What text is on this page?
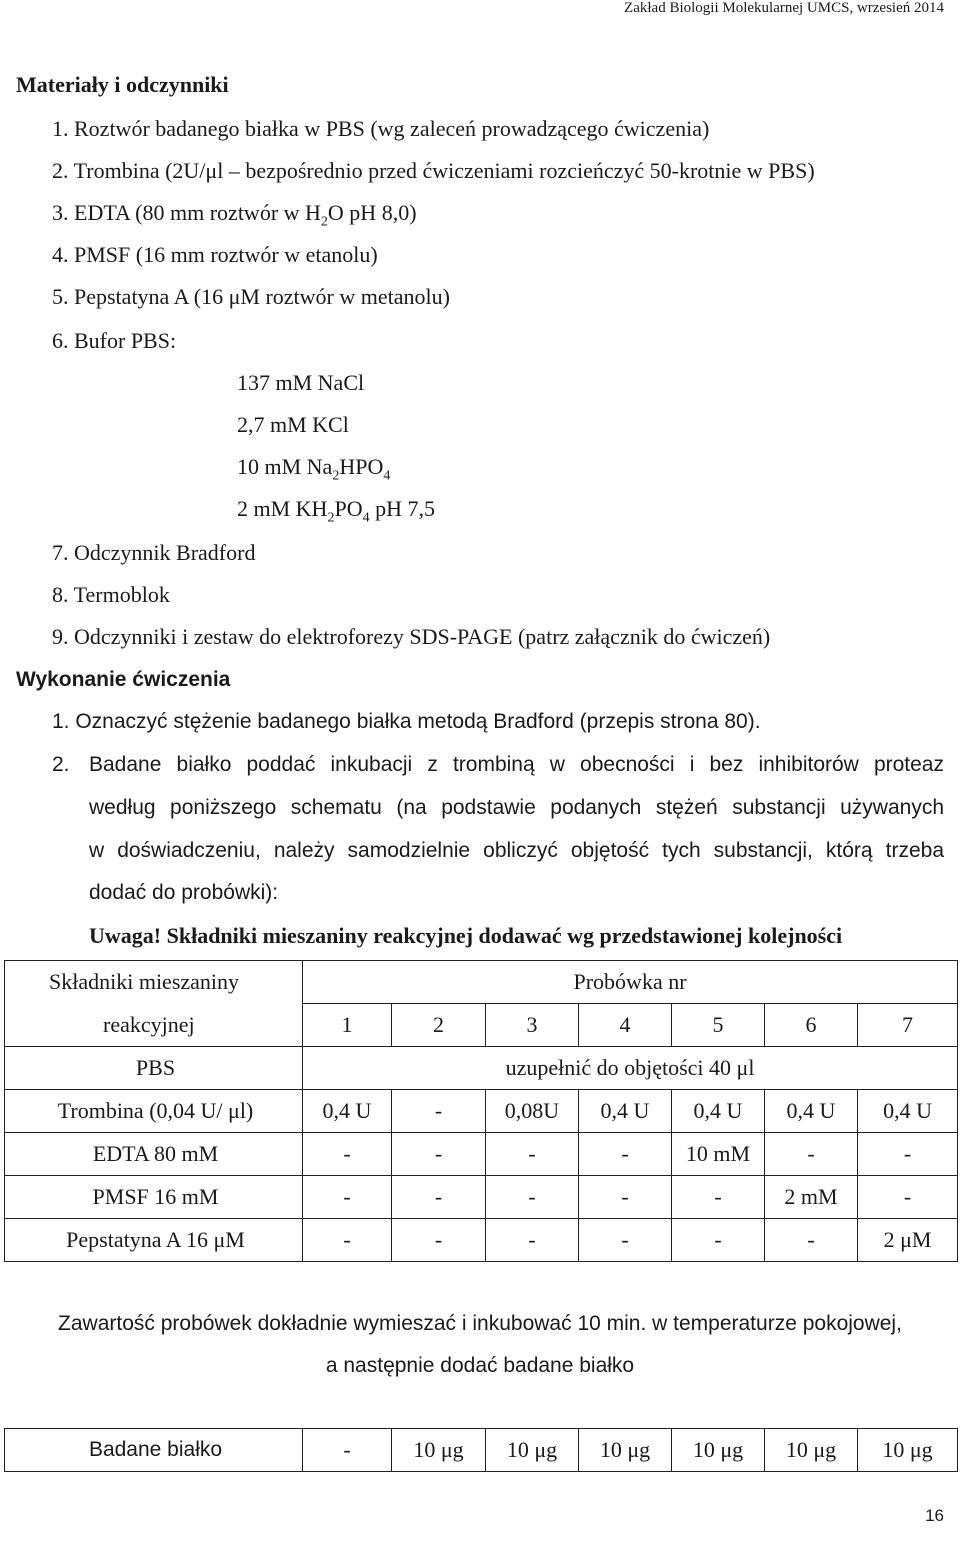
Zakład Biologii Molekularnej UMCS, wrzesień 2014
Materiały i odczynniki
1. Roztwór badanego białka w PBS (wg zaleceń prowadzącego ćwiczenia)
2. Trombina (2U/μl – bezpośrednio przed ćwiczeniami rozcieńczyć 50-krotnie w PBS)
3. EDTA (80 mm roztwór w $H_2O$ pH 8,0)
4. PMSF (16 mm roztwór w etanolu)
5. Pepstatyna A (16 μM roztwór w metanolu)
6. Bufor PBS:
137 mM NaCl
2,7 mM KCl
10 mM $Na_2HPO_4$
2 mM $KH_2PO_4$ pH 7,5
7. Odczynnik Bradford
8. Termoblok
9. Odczynniki i zestaw do elektroforezy SDS-PAGE (patrz załącznik do ćwiczeń)
Wykonanie ćwiczenia
1. Oznaczyć stężenie badanego białka metodą Bradford (przepis strona 80).
2. Badane białko poddać inkubacji z trombiną w obecności i bez inhibitorów proteaz
według poniższego schematu (na podstawie podanych stężeń substancji używanych
w doświadczeniu, należy samodzielnie obliczyć objętość tych substancji, którą trzeba
dodać do probówki):
Uwaga! Składniki mieszaniny reakcyjnej dodawać wg przedstawionej kolejności
Składniki mieszaniny	Probówka nr						
reakcyjnej	1	2	3	4	5	6	7
PBS	uzupełnić do objętości 40 μl						
Trombina (0,04 U/ μl)	0,4 U	-	0,08U	0,4 U	0,4 U	0,4 U	0,4 U
EDTA 80 mM	-	-	-	-	10 mM	-	-
PMSF 16 mM	-	-	-	-	-	2 mM	-
Pepstatyna A 16 μM	-	-	-	-	-	-	2 μM
Zawartość probówek dokładnie wymieszać i inkubować 10 min. w temperaturze pokojowej,
a następnie dodać badane białko
Badane białko	-	10 μg	10 μg	10 μg	10 μg	10 μg	10 μg
16
